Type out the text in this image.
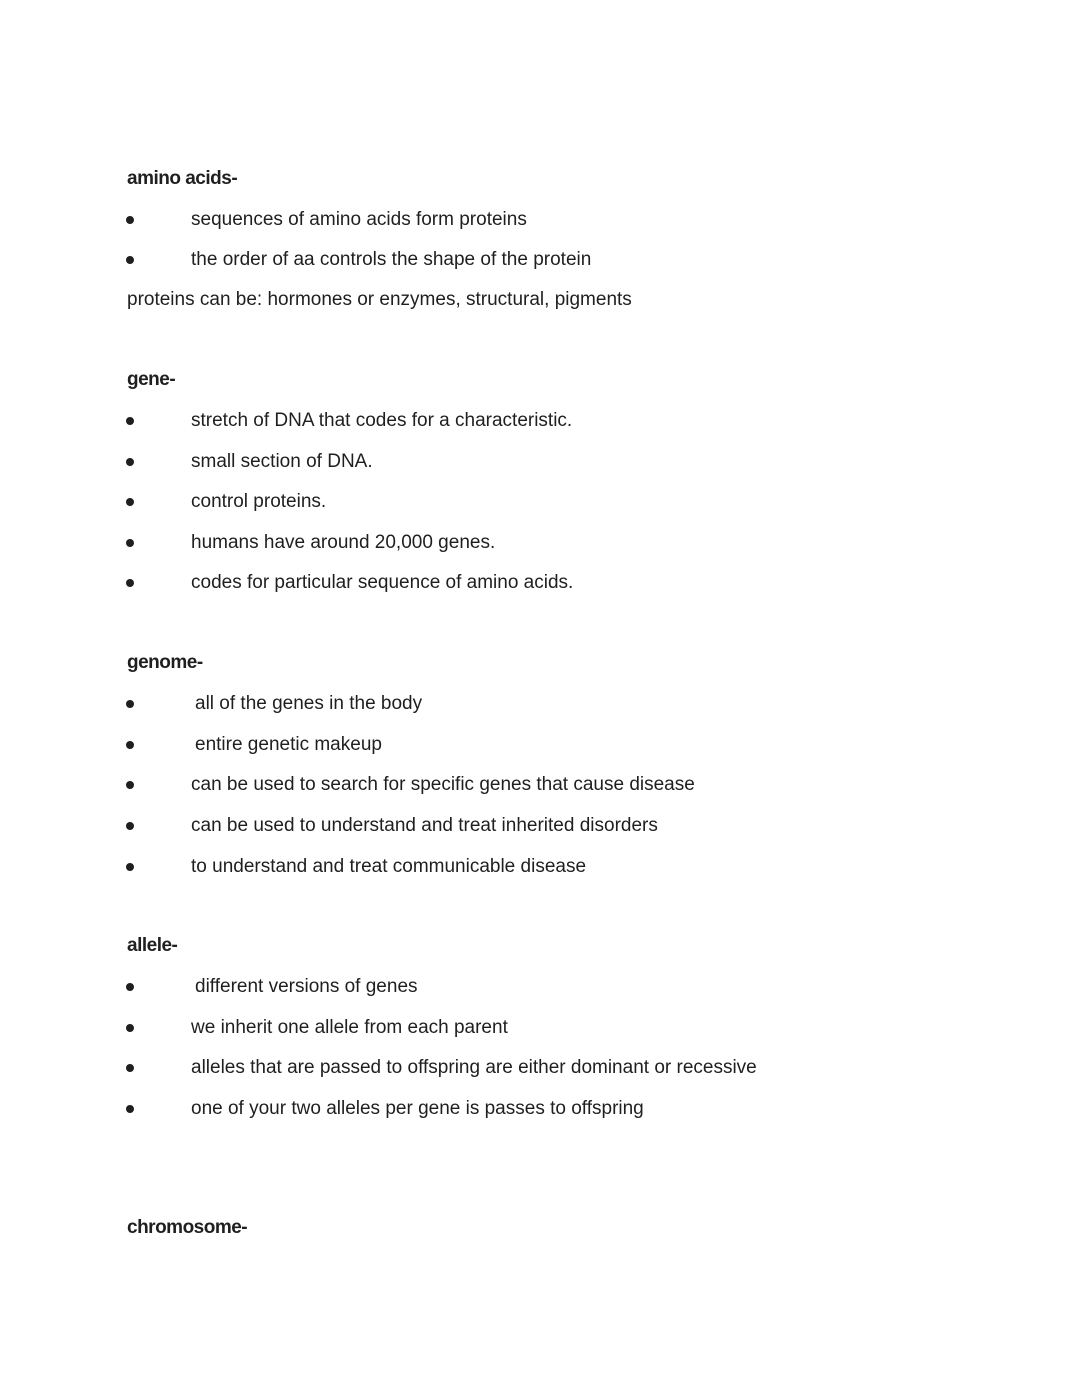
amino acids-
sequences of amino acids form proteins
the order of aa controls the shape of the protein
proteins can be: hormones or enzymes, structural, pigments
gene-
stretch of DNA that codes for a characteristic.
small section of DNA.
control proteins.
humans have around 20,000 genes.
codes for particular sequence of amino acids.
genome-
all of the genes in the body
entire genetic makeup
can be used to search for specific genes that cause disease
can be used to understand and treat inherited disorders
to understand and treat communicable disease
allele-
different versions of genes
we inherit one allele from each parent
alleles that are passed to offspring are either dominant or recessive
one of your two alleles per gene is passes to offspring
chromosome-
